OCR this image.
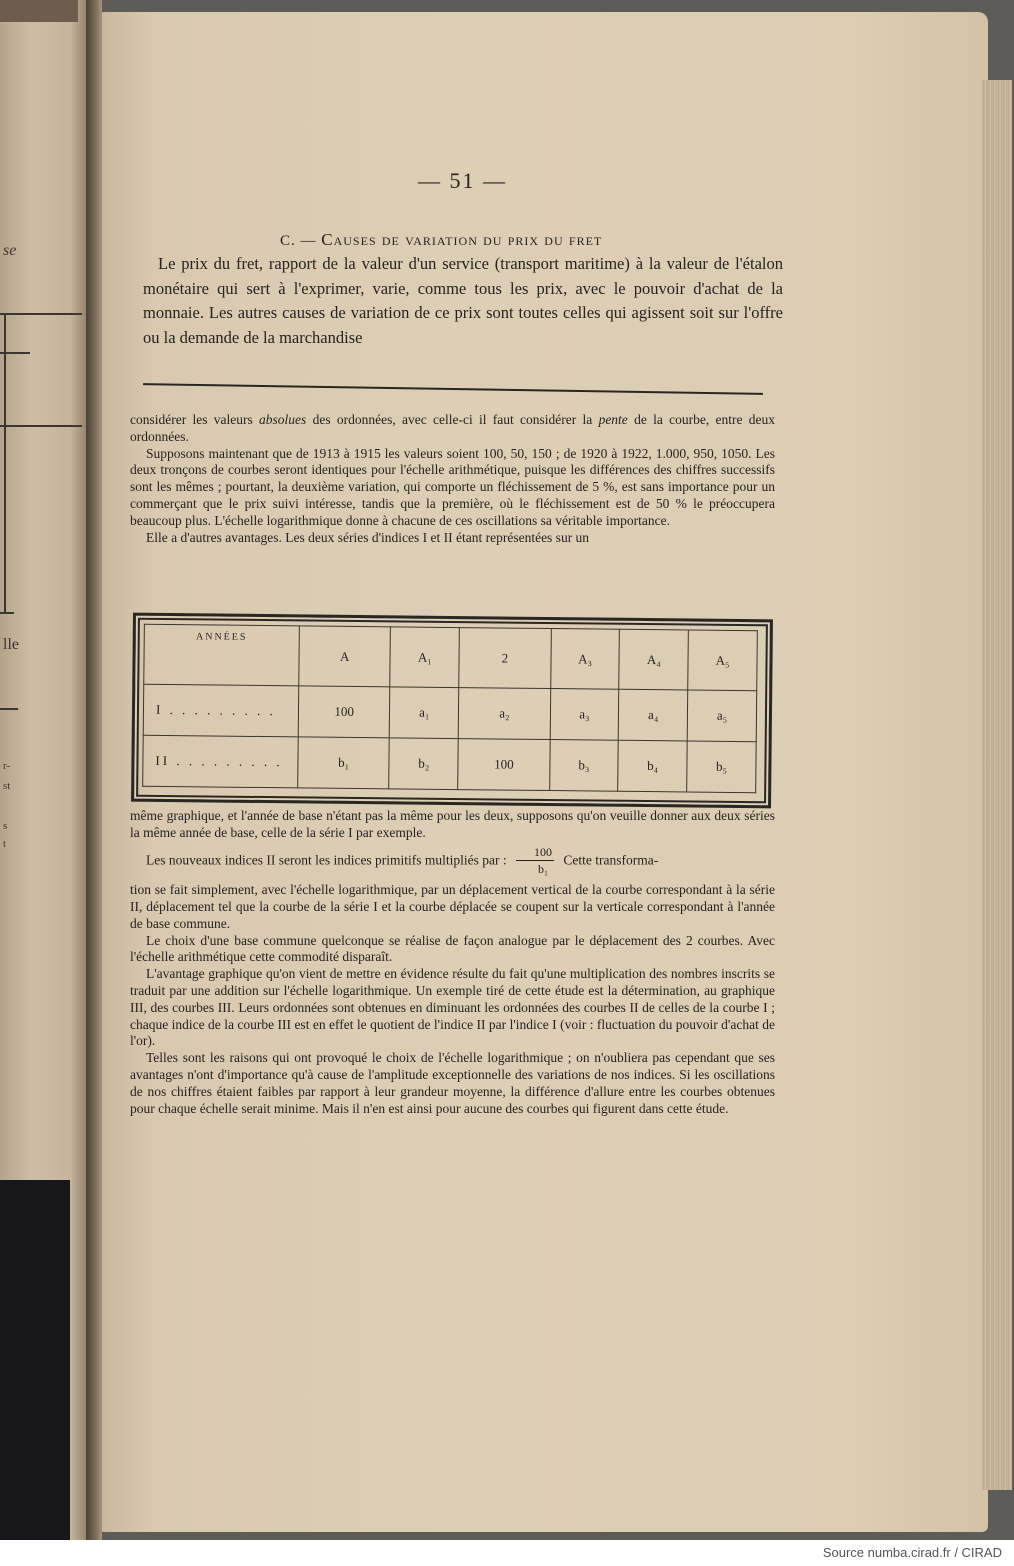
se
lle
r-
st
s
t
— 51 —
C. — Causes de variation du prix du fret

Le prix du fret, rapport de la valeur d'un service (transport maritime) à la valeur de l'étalon monétaire qui sert à l'exprimer, varie, comme tous les prix, avec le pouvoir d'achat de la monnaie. Les autres causes de variation de ce prix sont toutes celles qui agissent soit sur l'offre ou la demande de la marchandise

considérer les valeurs absolues des ordonnées, avec celle-ci il faut considérer la pente de la courbe, entre deux ordonnées.

Supposons maintenant que de 1913 à 1915 les valeurs soient 100, 50, 150 ; de 1920 à 1922, 1.000, 950, 1050. Les deux tronçons de courbes seront identiques pour l'échelle arithmétique, puisque les différences des chiffres successifs sont les mêmes ; pourtant, la deuxième variation, qui comporte un fléchissement de 5 %, est sans importance pour un commerçant que le prix suivi intéresse, tandis que la première, où le fléchissement est de 50 % le préoccupera beaucoup plus. L'échelle logarithmique donne à chacune de ces oscillations sa véritable importance.

Elle a d'autres avantages. Les deux séries d'indices I et II étant représentées sur un

ANNÉES	A	A₁	2	A₃	A₄	A₅
I . . . . . . . . .	100	a₁	a₂	a₃	a₄	a₅
II . . . . . . . . .	b₁	b₂	100	b₃	b₄	b₅

même graphique, et l'année de base n'étant pas la même pour les deux, supposons qu'on veuille donner aux deux séries la même année de base, celle de la série I par exemple.

Les nouveaux indices II seront les indices primitifs multipliés par : $\frac{100}{\text{b₁}}$ Cette transforma-

tion se fait simplement, avec l'échelle logarithmique, par un déplacement vertical de la courbe correspondant à la série II, déplacement tel que la courbe de la série I et la courbe déplacée se coupent sur la verticale correspondant à l'année de base commune.

Le choix d'une base commune quelconque se réalise de façon analogue par le déplacement des 2 courbes. Avec l'échelle arithmétique cette commodité disparaît.

L'avantage graphique qu'on vient de mettre en évidence résulte du fait qu'une multiplication des nombres inscrits se traduit par une addition sur l'échelle logarithmique. Un exemple tiré de cette étude est la détermination, au graphique III, des courbes III. Leurs ordonnées sont obtenues en diminuant les ordonnées des courbes II de celles de la courbe I ; chaque indice de la courbe III est en effet le quotient de l'indice II par l'indice I (voir : fluctuation du pouvoir d'achat de l'or).

Telles sont les raisons qui ont provoqué le choix de l'échelle logarithmique ; on n'oubliera pas cependant que ses avantages n'ont d'importance qu'à cause de l'amplitude exceptionnelle des variations de nos indices. Si les oscillations de nos chiffres étaient faibles par rapport à leur grandeur moyenne, la différence d'allure entre les courbes obtenues pour chaque échelle serait minime. Mais il n'en est ainsi pour aucune des courbes qui figurent dans cette étude.

Source numba.cirad.fr / CIRAD
